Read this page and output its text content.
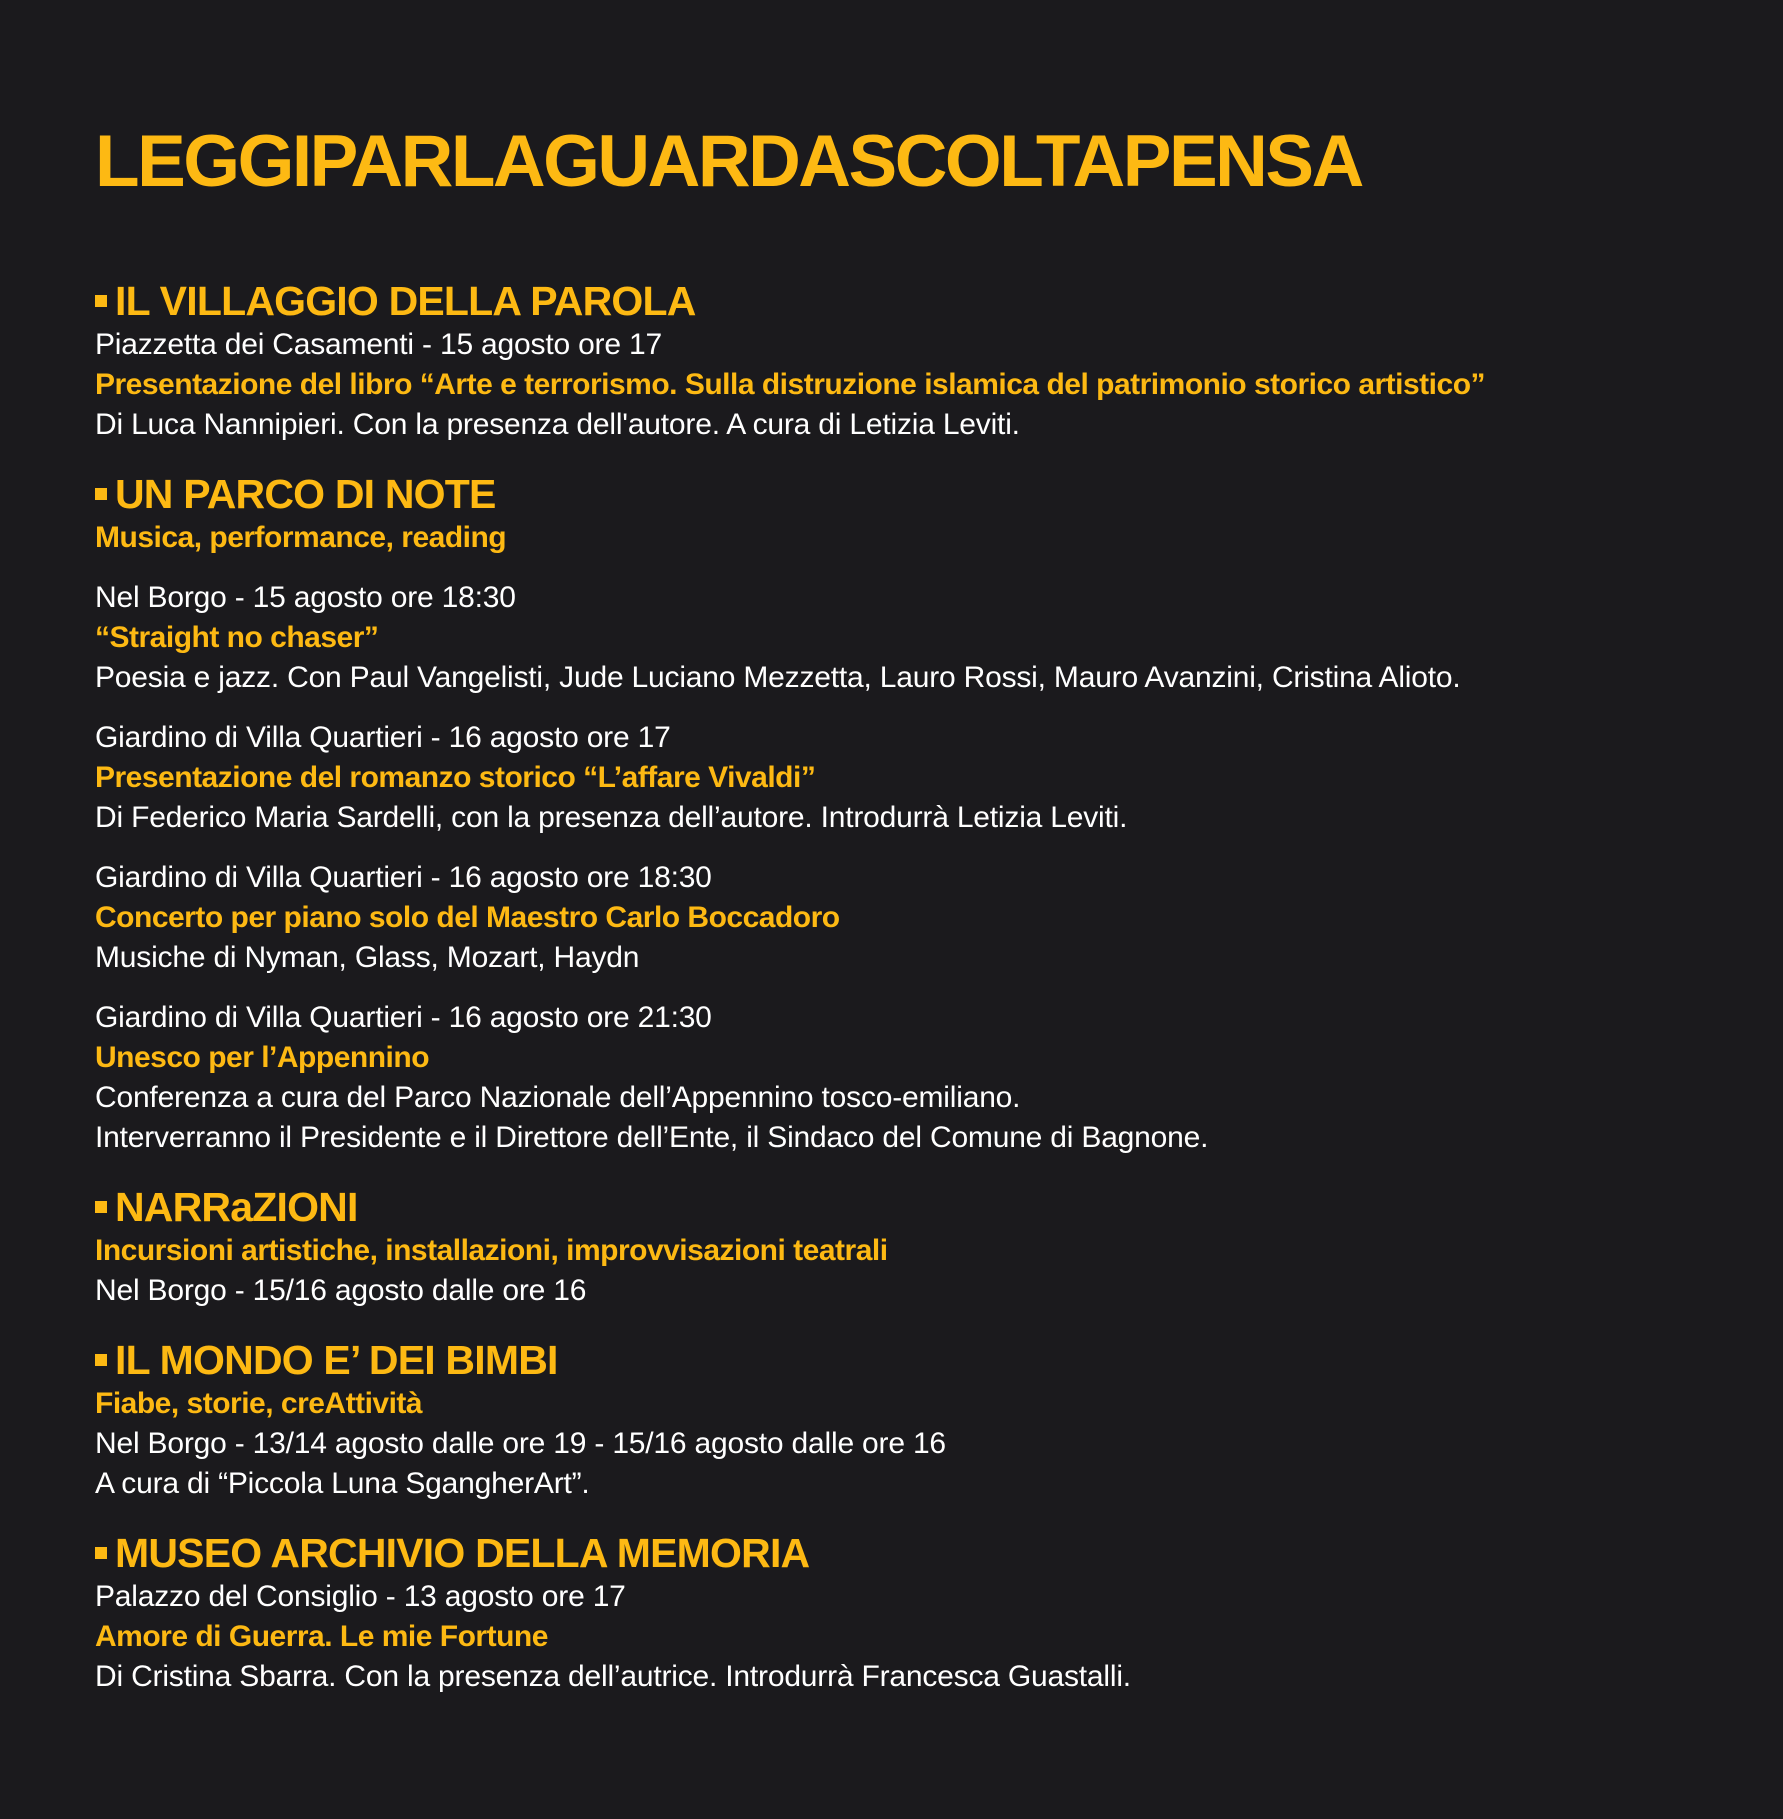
LEGGIPARLAGUARDASCOLTAPENSA
IL VILLAGGIO DELLA PAROLA

Piazzetta dei Casamenti - 15 agosto ore 17

Presentazione del libro “Arte e terrorismo. Sulla distruzione islamica del patrimonio storico artistico”

Di Luca Nannipieri. Con la presenza dell'autore. A cura di Letizia Leviti.

UN PARCO DI NOTE

Musica, performance, reading

Nel Borgo - 15 agosto ore 18:30

“Straight no chaser”

Poesia e jazz. Con Paul Vangelisti, Jude Luciano Mezzetta, Lauro Rossi, Mauro Avanzini, Cristina Alioto.

Giardino di Villa Quartieri - 16 agosto ore 17

Presentazione del romanzo storico “L’affare Vivaldi”

Di Federico Maria Sardelli, con la presenza dell’autore. Introdurrà Letizia Leviti.

Giardino di Villa Quartieri - 16 agosto ore 18:30

Concerto per piano solo del Maestro Carlo Boccadoro

Musiche di Nyman, Glass, Mozart, Haydn

Giardino di Villa Quartieri - 16 agosto ore 21:30

Unesco per l’Appennino

Conferenza a cura del Parco Nazionale dell’Appennino tosco-emiliano.

Interverranno il Presidente e il Direttore dell’Ente, il Sindaco del Comune di Bagnone.

NARRaZIONI

Incursioni artistiche, installazioni, improvvisazioni teatrali

Nel Borgo - 15/16 agosto dalle ore 16

IL MONDO E’ DEI BIMBI

Fiabe, storie, creAttività

Nel Borgo - 13/14 agosto dalle ore 19 - 15/16 agosto dalle ore 16

A cura di “Piccola Luna SgangherArt”.

MUSEO ARCHIVIO DELLA MEMORIA

Palazzo del Consiglio - 13 agosto ore 17

Amore di Guerra. Le mie Fortune

Di Cristina Sbarra. Con la presenza dell’autrice. Introdurrà Francesca Guastalli.
